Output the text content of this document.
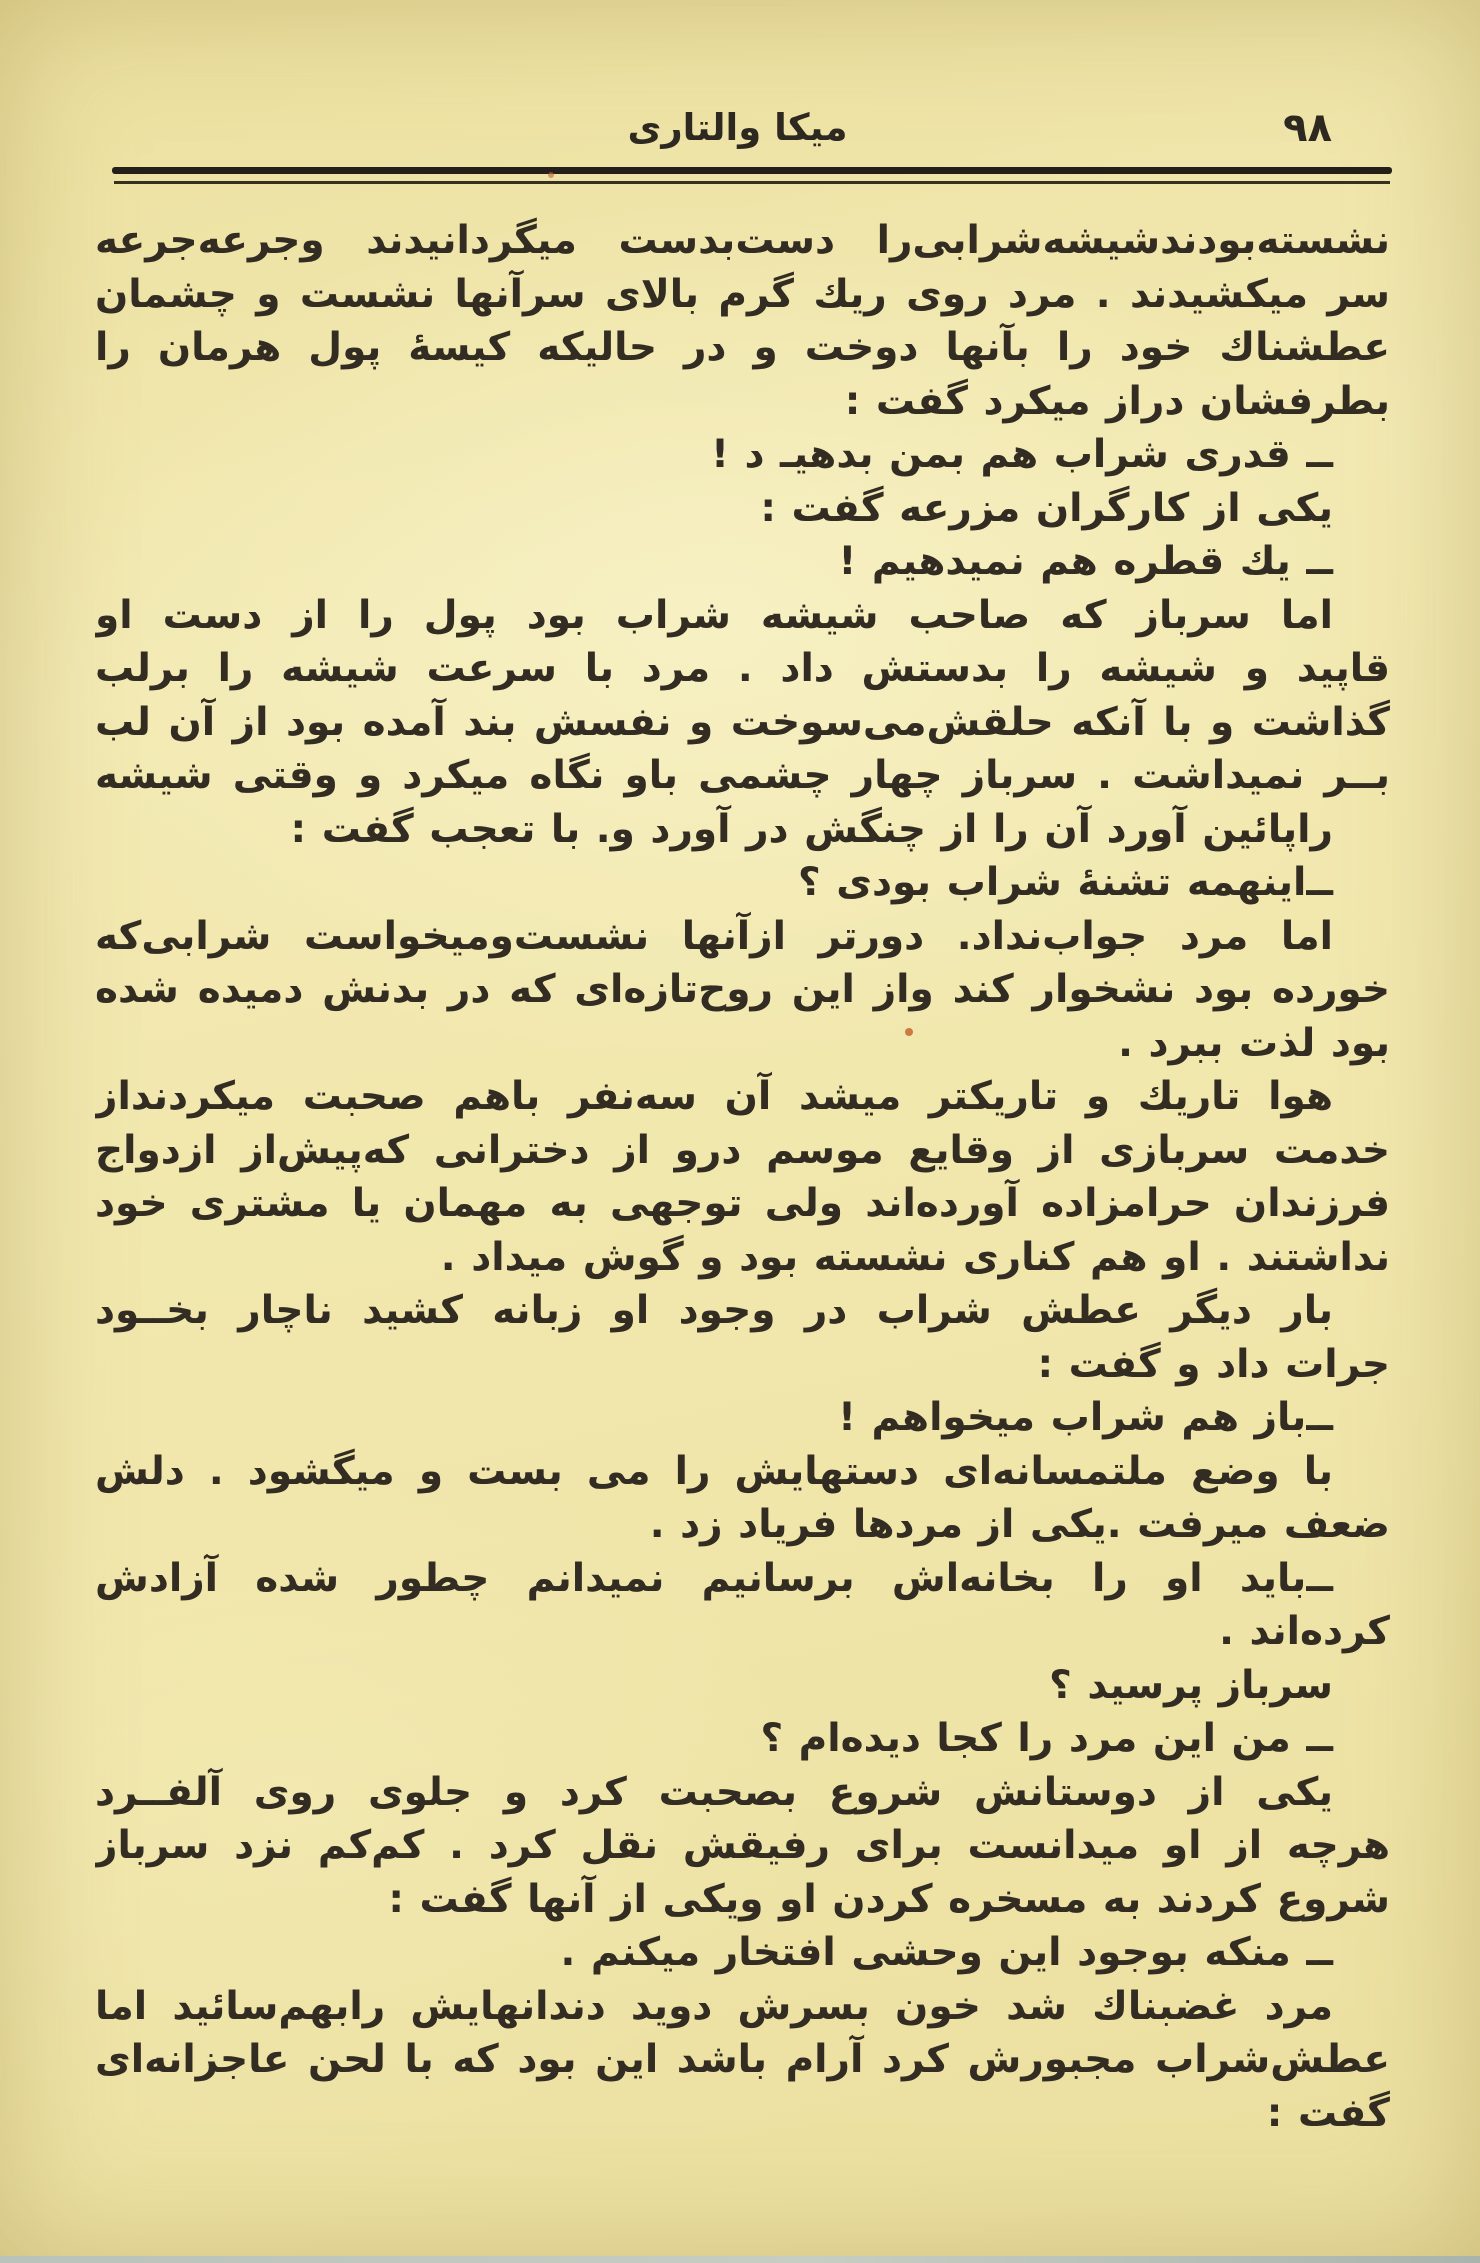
میکا والتاری	۹۸
نشسته‌بودندشیشه‌شرابی‌را دست‌بدست میگردانیدند وجرعه‌جرعه
سر میکشیدند . مرد روی ریك گرم بالای سرآنها نشست و چشمان
عطشناك خود را بآنها دوخت و در حالیکه کیسهٔ پول هرمان را
بطرفشان دراز میکرد گفت :
ــ قدری شراب هم بمن بدهیـ د !
یکی از کارگران مزرعه گفت :
ــ یك قطره هم نمیدهیم !
اما سرباز که صاحب شیشه شراب بود پول را از دست او
قاپید و شیشه را بدستش داد . مرد با سرعت شیشه را برلب
گذاشت و با آنکه حلقش‌می‌سوخت و نفسش بند آمده بود از آن لب
بــر نمیداشت . سرباز چهار چشمی باو نگاه میکرد و وقتی شیشه
راپائین آورد آن را از چنگش در آورد و. با تعجب گفت :
ــ‌اینهمه تشنهٔ شراب بودی ؟
اما مرد جواب‌نداد. دورتر ازآنها نشست‌ومیخواست شرابی‌که
خورده بود نشخوار کند واز این روح‌تازه‌ای که در بدنش دمیده شده
بود لذت ببرد .
هوا تاریك و تاریکتر میشد آن سه‌نفر باهم صحبت میکردنداز
خدمت سربازی از وقایع موسم درو از دخترانی که‌پیش‌از ازدواج
فرزندان حرامزاده آورده‌اند ولی توجهی به مهمان یا مشتری خود
نداشتند . او هم کناری نشسته بود و گوش میداد .
بار دیگر عطش شراب در وجود او زبانه کشید ناچار بخــود
جرات داد و گفت :
ــ‌باز هم شراب میخواهم !
با وضع ملتمسانه‌ای دستهایش را می بست و میگشود . دلش
ضعف میرفت .یکی از مردها فریاد زد .
ــ‌باید او را بخانه‌اش برسانیم نمیدانم چطور شده آزادش
کرده‌اند .
سرباز پرسید ؟
ــ من این مرد را کجا دیده‌ام ؟
یکی از دوستانش شروع بصحبت کرد و جلوی روی آلفــرد
هرچه از او میدانست برای رفیقش نقل کرد . کم‌کم نزد سرباز
شروع کردند به مسخره کردن او ویکی از آنها گفت :
ــ منکه بوجود این وحشی افتخار میکنم .
مرد غضبناك شد خون بسرش دوید دندانهایش رابهم‌سائید اما
عطش‌شراب مجبورش کرد آرام باشد این بود که با لحن عاجزانه‌ای
گفت :
